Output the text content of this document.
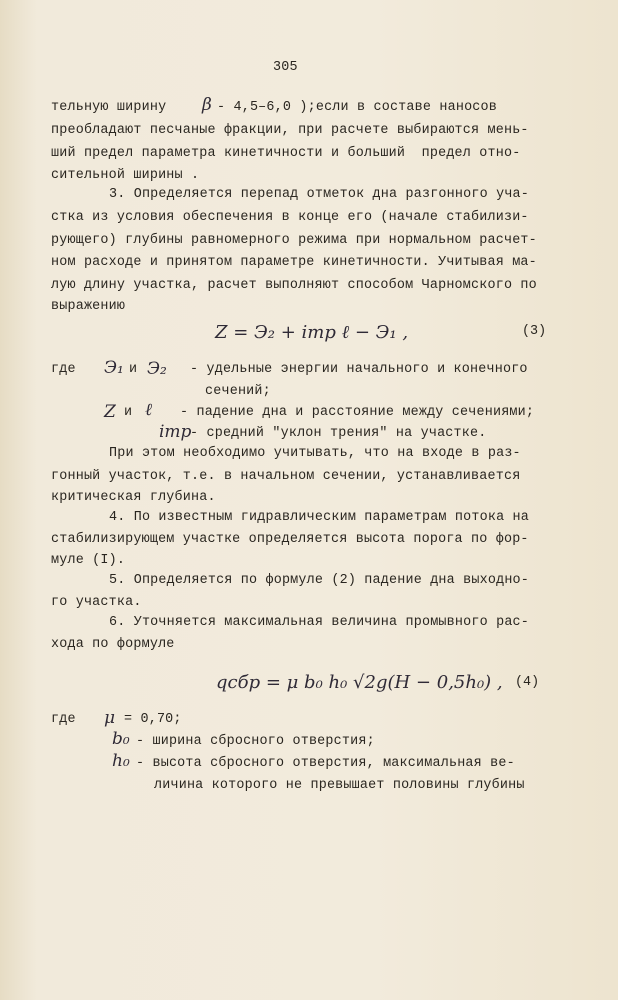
305
тельную ширину β - 4,5–6,0 );если в составе наносов
преобладают песчаные фракции, при расчете выбираются мень-
ший предел параметра кинетичности и больший  предел отно-
сительной ширины .
3. Определяется перепад отметок дна разгонного уча-
стка из условия обеспечения в конце его (начале стабилизи-
рующего) глубины равномерного режима при нормальном расчет-
ном расходе и принятом параметре кинетичности. Учитывая ма-
лую длину участка, расчет выполняют способом Чарномского по
выражению
Z = Э₂ + iтр ℓ − Э₁ ,	(3)
где Э₁ и Э₂ - удельные энергии начального и конечного
сечений;
Z и ℓ - падение дна и расстояние между сечениями;
iтр
- средний "уклон трения" на участке.
При этом необходимо учитывать, что на входе в раз-
гонный участок, т.е. в начальном сечении, устанавливается
критическая глубина.
4. По известным гидравлическим параметрам потока на
стабилизирующем участке определяется высота порога по фор-
муле (I).
5. Определяется по формуле (2) падение дна выходно-
го участка.
6. Уточняется максимальная величина промывного рас-
хода по формуле
qсбр = μ b₀ h₀ √2g(H − 0,5h₀) , (4)
где μ = 0,70;
b₀ - ширина сбросного отверстия;
h₀ - высота сбросного отверстия, максимальная ве-
личина которого не превышает половины глубины
